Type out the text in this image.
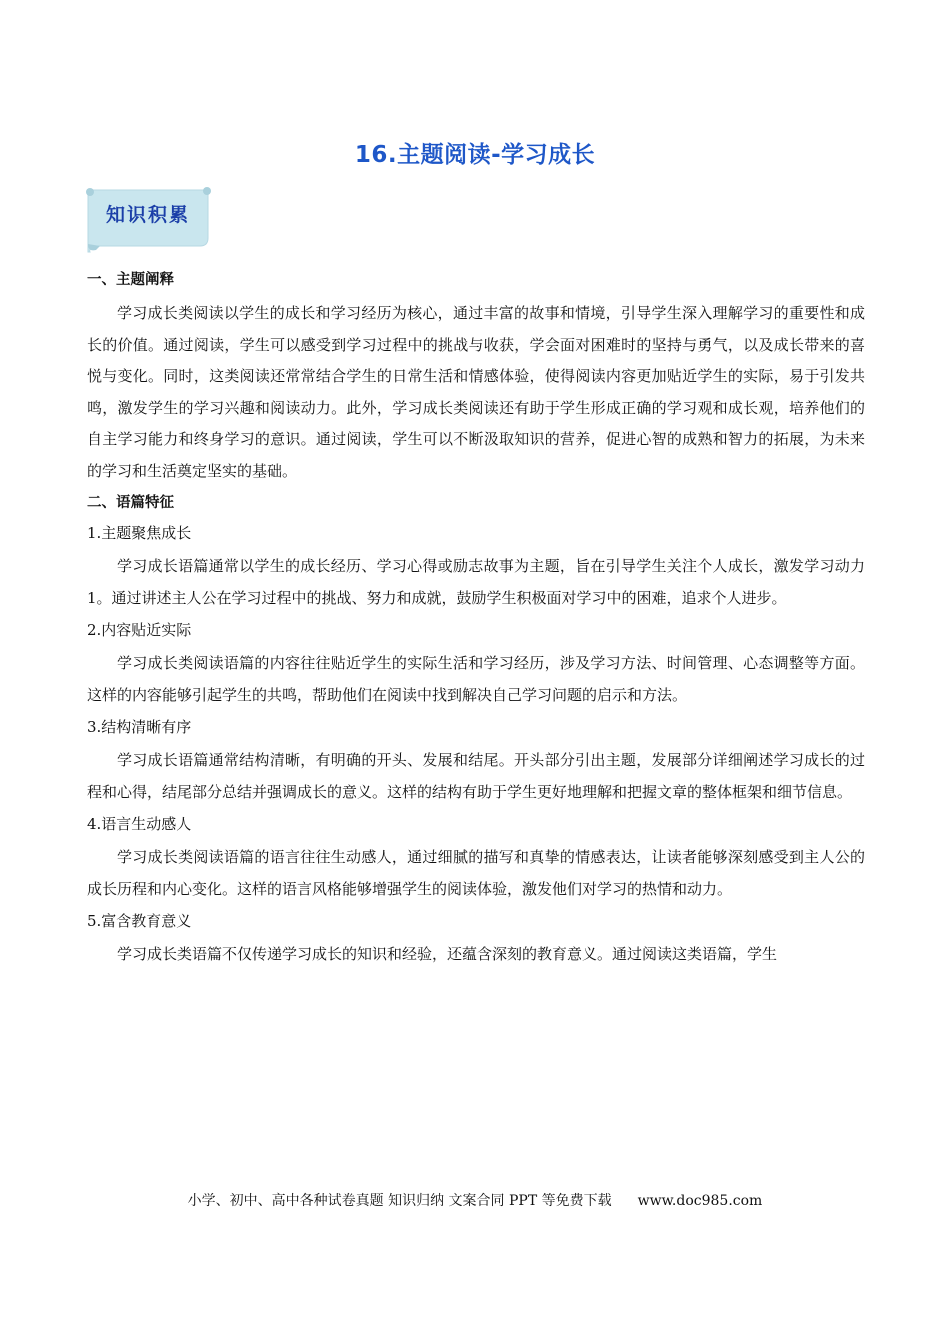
16.主题阅读-学习成长
知识积累
一、主题阐释

学习成长类阅读以学生的成长和学习经历为核心，通过丰富的故事和情境，引导学生深入理解学习的重要性和成长的价值。通过阅读，学生可以感受到学习过程中的挑战与收获，学会面对困难时的坚持与勇气，以及成长带来的喜悦与变化。同时，这类阅读还常常结合学生的日常生活和情感体验，使得阅读内容更加贴近学生的实际，易于引发共鸣，激发学生的学习兴趣和阅读动力。此外，学习成长类阅读还有助于学生形成正确的学习观和成长观，培养他们的自主学习能力和终身学习的意识。通过阅读，学生可以不断汲取知识的营养，促进心智的成熟和智力的拓展，为未来的学习和生活奠定坚实的基础。

二、语篇特征
1.主题聚焦成长

学习成长语篇通常以学生的成长经历、学习心得或励志故事为主题，旨在引导学生关注个人成长，激发学习动力1。通过讲述主人公在学习过程中的挑战、努力和成就，鼓励学生积极面对学习中的困难，追求个人进步。

2.内容贴近实际

学习成长类阅读语篇的内容往往贴近学生的实际生活和学习经历，涉及学习方法、时间管理、心态调整等方面。这样的内容能够引起学生的共鸣，帮助他们在阅读中找到解决自己学习问题的启示和方法。

3.结构清晰有序

学习成长语篇通常结构清晰，有明确的开头、发展和结尾。开头部分引出主题，发展部分详细阐述学习成长的过程和心得，结尾部分总结并强调成长的意义。这样的结构有助于学生更好地理解和把握文章的整体框架和细节信息。

4.语言生动感人

学习成长类阅读语篇的语言往往生动感人，通过细腻的描写和真挚的情感表达，让读者能够深刻感受到主人公的成长历程和内心变化。这样的语言风格能够增强学生的阅读体验，激发他们对学习的热情和动力。

5.富含教育意义

学习成长类语篇不仅传递学习成长的知识和经验，还蕴含深刻的教育意义。通过阅读这类语篇，学生

小学、初中、高中各种试卷真题 知识归纳 文案合同 PPT 等免费下载 www.doc985.com
